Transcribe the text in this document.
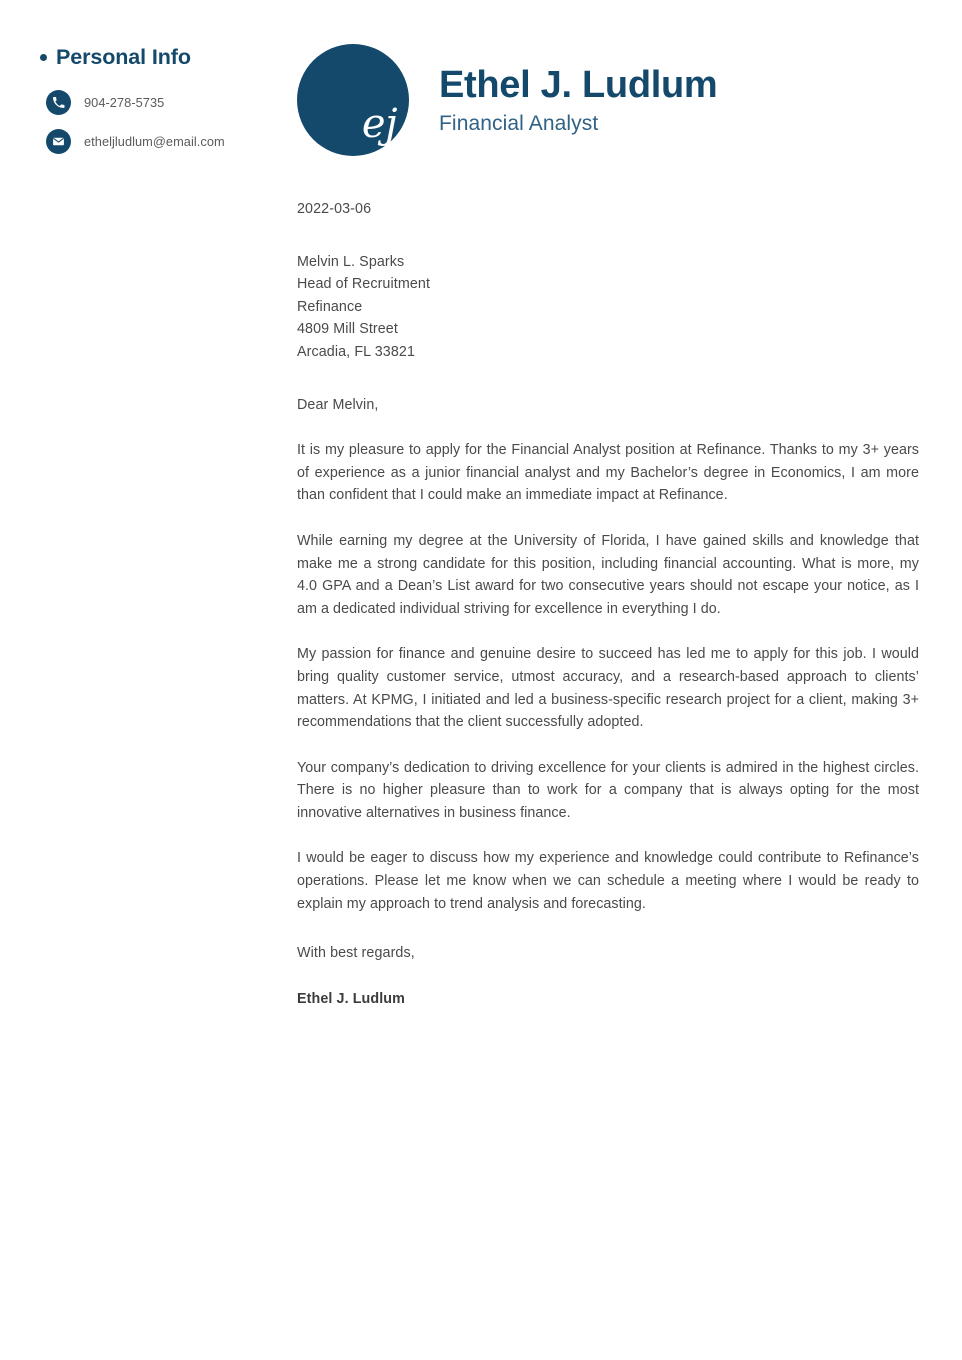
Personal Info
904-278-5735
etheljludlum@email.com	ej
Ethel J. Ludlum
Financial Analyst
2022-03-06
Melvin L. Sparks
Head of Recruitment
Refinance
4809 Mill Street
Arcadia, FL 33821
Dear Melvin,

It is my pleasure to apply for the Financial Analyst position at Refinance. Thanks to my 3+ years of experience as a junior financial analyst and my Bachelor’s degree in Economics, I am more than confident that I could make an immediate impact at Refinance.

While earning my degree at the University of Florida, I have gained skills and knowledge that make me a strong candidate for this position, including financial accounting. What is more, my 4.0 GPA and a Dean’s List award for two consecutive years should not escape your notice, as I am a dedicated individual striving for excellence in everything I do.

My passion for finance and genuine desire to succeed has led me to apply for this job. I would bring quality customer service, utmost accuracy, and a research-based approach to clients’ matters. At KPMG, I initiated and led a business-specific research project for a client, making 3+ recommendations that the client successfully adopted.

Your company’s dedication to driving excellence for your clients is admired in the highest circles. There is no higher pleasure than to work for a company that is always opting for the most innovative alternatives in business finance.

I would be eager to discuss how my experience and knowledge could contribute to Refinance’s operations. Please let me know when we can schedule a meeting where I would be ready to explain my approach to trend analysis and forecasting.

With best regards,
Ethel J. Ludlum
